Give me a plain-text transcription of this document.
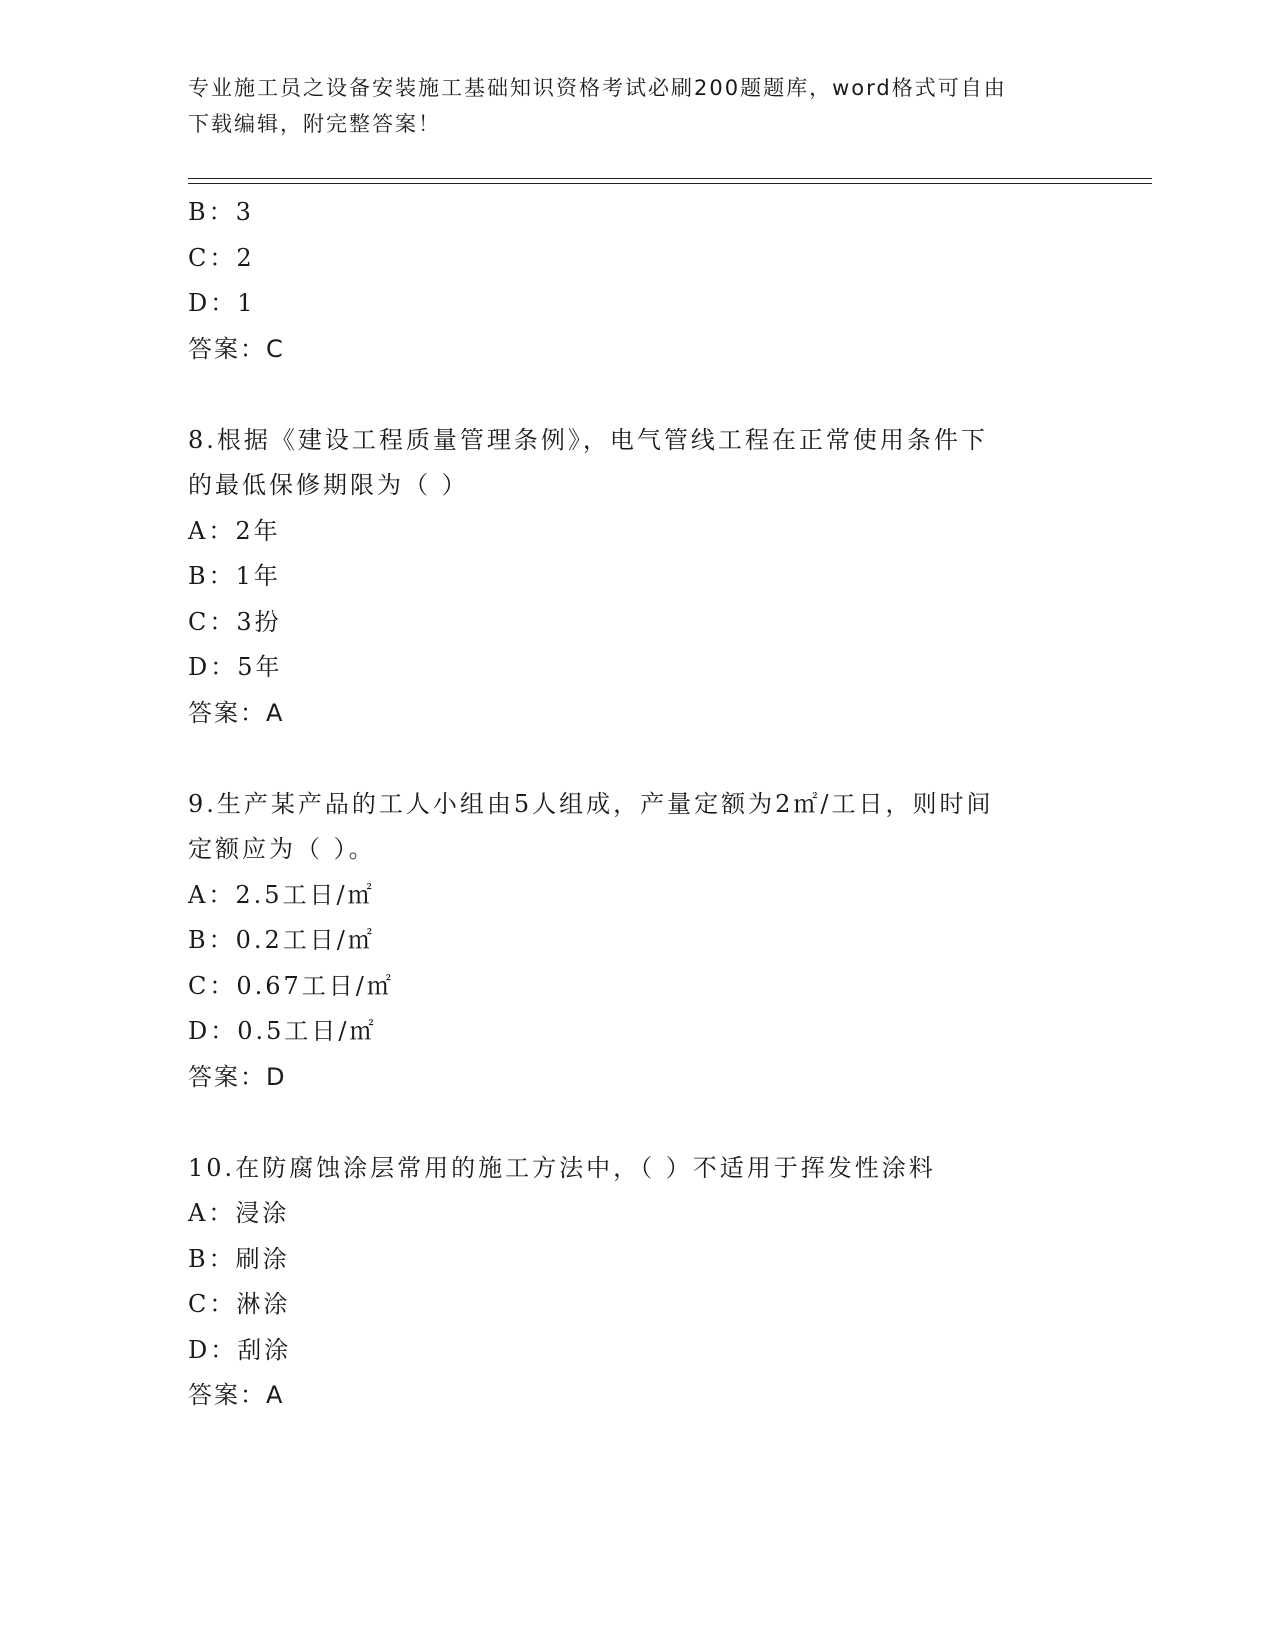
专业施工员之设备安装施工基础知识资格考试必刷200题题库，word格式可自由
下载编辑，附完整答案！
B：3
C：2
D：1
答案：C
8.根据《建设工程质量管理条例》，电气管线工程在正常使用条件下
的最低保修期限为（ ）
A：2年
B：1年
C：3扮
D：5年
答案：A
9.生产某产品的工人小组由5人组成，产量定额为2㎡/工日，则时间
定额应为（ ）。
A：2.5工日/㎡
B：0.2工日/㎡
C：0.67工日/㎡
D：0.5工日/㎡
答案：D
10.在防腐蚀涂层常用的施工方法中，（ ）不适用于挥发性涂料
A：浸涂
B：刷涂
C：淋涂
D：刮涂
答案：A
